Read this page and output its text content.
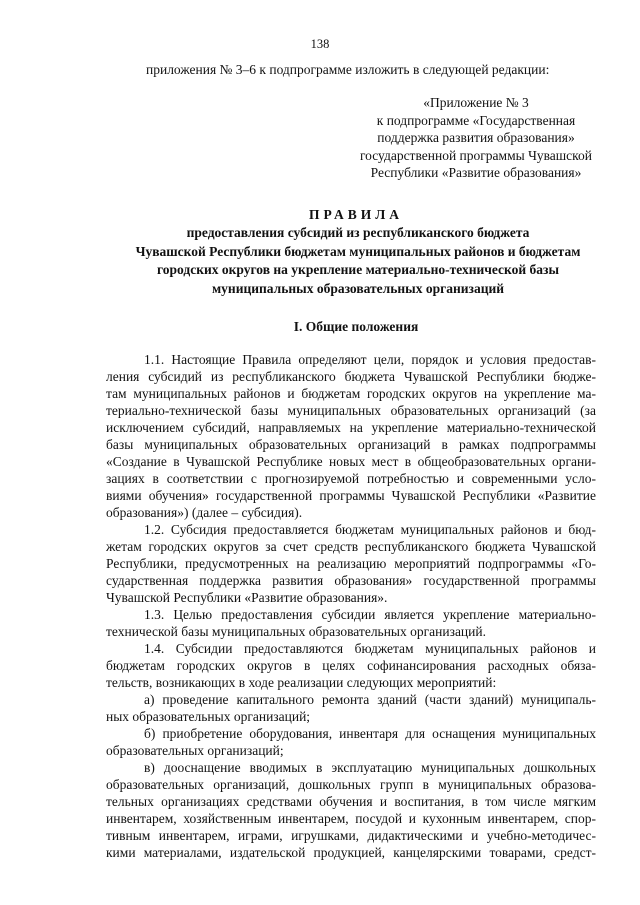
138
приложения № 3–6 к подпрограмме изложить в следующей редакции:
«Приложение № 3
к подпрограмме «Государственная
поддержка развития образования»
государственной программы Чувашской
Республики «Развитие образования»
ПРАВИЛА
предоставления субсидий из республиканского бюджета
Чувашской Республики бюджетам муниципальных районов и бюджетам
городских округов на укрепление материально-технической базы
муниципальных образовательных организаций
I. Общие положения
1.1. Настоящие Правила определяют цели, порядок и условия предостав-
ления субсидий из республиканского бюджета Чувашской Республики бюдже-
там муниципальных районов и бюджетам городских округов на укрепление ма-
териально-технической базы муниципальных образовательных организаций (за
исключением субсидий, направляемых на укрепление материально-технической
базы муниципальных образовательных организаций в рамках подпрограммы
«Создание в Чувашской Республике новых мест в общеобразовательных органи-
зациях в соответствии с прогнозируемой потребностью и современными усло-
виями обучения» государственной программы Чувашской Республики «Развитие
образования») (далее – субсидия).
1.2. Субсидия предоставляется бюджетам муниципальных районов и бюд-
жетам городских округов за счет средств республиканского бюджета Чувашской
Республики, предусмотренных на реализацию мероприятий подпрограммы «Го-
сударственная поддержка развития образования» государственной программы
Чувашской Республики «Развитие образования».
1.3. Целью предоставления субсидии является укрепление материально-
технической базы муниципальных образовательных организаций.
1.4. Субсидии предоставляются бюджетам муниципальных районов и
бюджетам городских округов в целях софинансирования расходных обяза-
тельств, возникающих в ходе реализации следующих мероприятий:
а) проведение капитального ремонта зданий (части зданий) муниципаль-
ных образовательных организаций;
б) приобретение оборудования, инвентаря для оснащения муниципальных
образовательных организаций;
в) дооснащение вводимых в эксплуатацию муниципальных дошкольных
образовательных организаций, дошкольных групп в муниципальных образова-
тельных организациях средствами обучения и воспитания, в том числе мягким
инвентарем, хозяйственным инвентарем, посудой и кухонным инвентарем, спор-
тивным инвентарем, играми, игрушками, дидактическими и учебно-методичес-
кими материалами, издательской продукцией, канцелярскими товарами, средст-
